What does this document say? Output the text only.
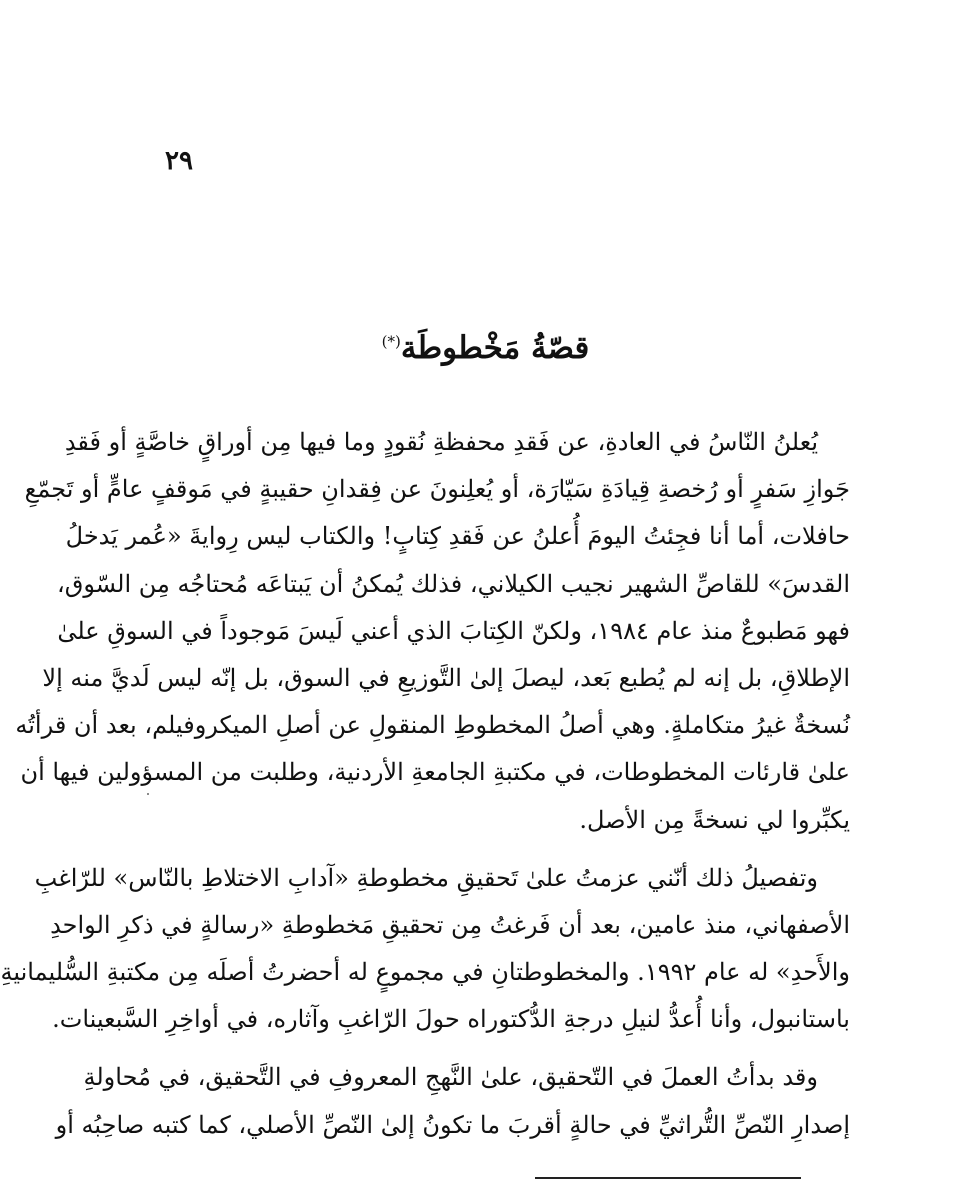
٢٩
قصّةُ مَخْطوطَة(*)
يُعلنُ النّاسُ في العادةِ، عن فَقدِ محفظةِ نُقودٍ وما فيها مِن أوراقٍ خاصَّةٍ أو فَقدِ
جَوازِ سَفرٍ أو رُخصةِ قِيادَةِ سَيّارَة، أو يُعلِنونَ عن فِقدانِ حقيبةٍ في مَوقفٍ عامٍّ أو تَجمّعِ
حافلات، أما أنا فجِئتُ اليومَ أُعلنُ عن فَقدِ كِتابٍ! والكتاب ليس رِوايةَ «عُمر يَدخلُ
القدسَ» للقاصِّ الشهير نجيب الكيلاني، فذلك يُمكنُ أن يَبتاعَه مُحتاجُه مِن السّوق،
فهو مَطبوعٌ منذ عام ١٩٨٤، ولكنّ الكِتابَ الذي أعني لَيسَ مَوجوداً في السوقِ علىٰ
الإطلاقِ، بل إنه لم يُطبع بَعد، ليصلَ إلىٰ التَّوزيعِ في السوق، بل إنّه ليس لَديَّ منه إلا
نُسخةٌ غيرُ متكاملةٍ. وهي أصلُ المخطوطِ المنقولِ عن أصلِ الميكروفيلم، بعد أن قرأتُه
علىٰ قارئات المخطوطات، في مكتبةِ الجامعةِ الأردنية، وطلبت من المسؤولين فيها أن
يكبِّروا لي نسخةً مِن الأصل.
وتفصيلُ ذلك أنّني عزمتُ علىٰ تَحقيقِ مخطوطةِ «آدابِ الاختلاطِ بالنّاس» للرّاغبِ
الأصفهاني، منذ عامين، بعد أن فَرغتُ مِن تحقيقِ مَخطوطةِ «رسالةٍ في ذكرِ الواحدِ
والأَحدِ» له عام ١٩٩٢. والمخطوطتانِ في مجموعٍ له أحضرتُ أصلَه مِن مكتبةِ السُّليمانيةِ
باستانبول، وأنا أُعدُّ لنيلِ درجةِ الدُّكتوراه حولَ الرّاغبِ وآثاره، في أواخِرِ السَّبعينات.
وقد بدأتُ العملَ في التّحقيق، علىٰ النَّهجِ المعروفِ في التَّحقيق، في مُحاولةِ
إصدارِ النّصِّ التُّراثيِّ في حالةٍ أقربَ ما تكونُ إلىٰ النّصِّ الأصلي، كما كتبه صاحِبُه أو
